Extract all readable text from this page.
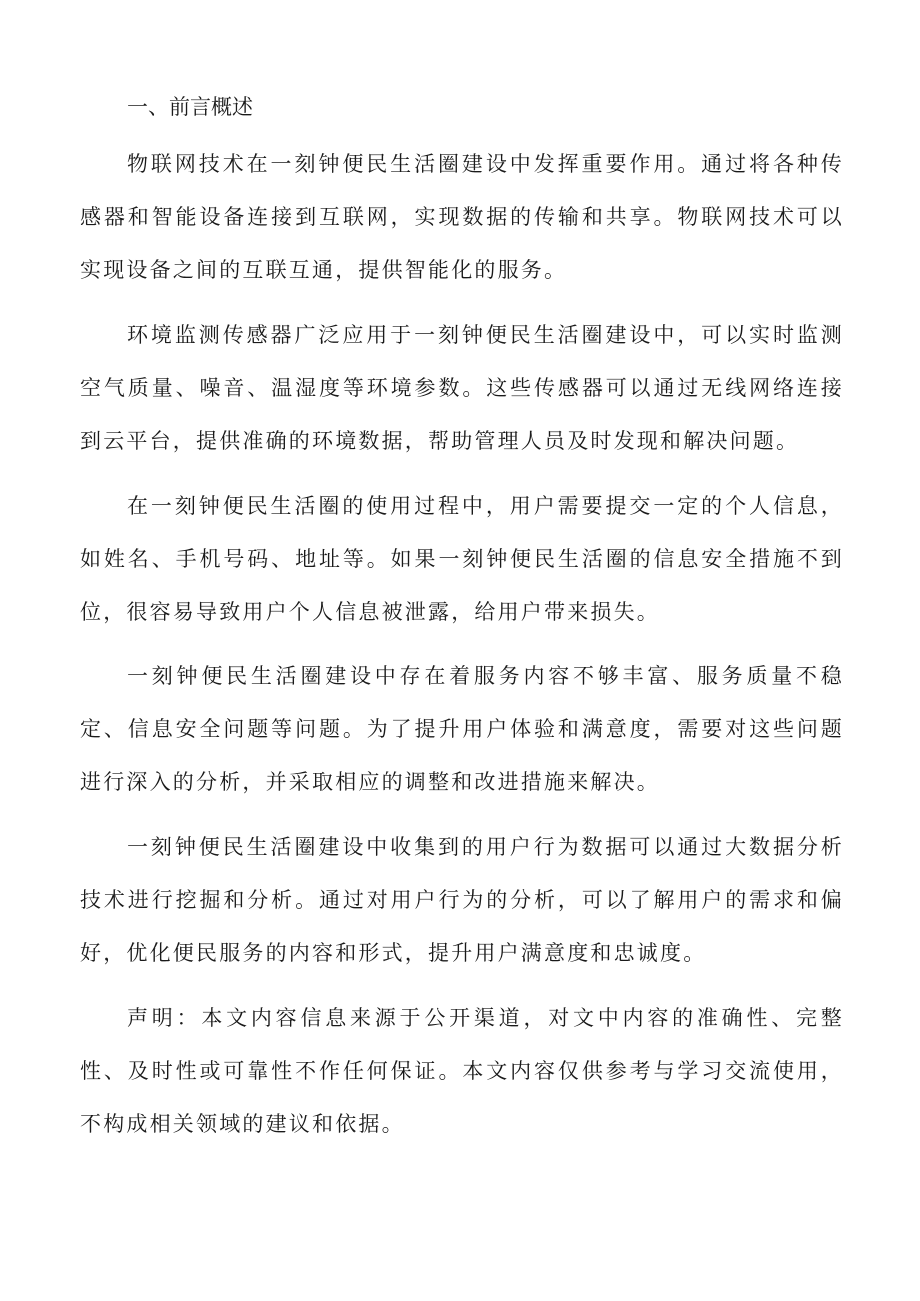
一、前言概述

物联网技术在一刻钟便民生活圈建设中发挥重要作用。通过将各种传感器和智能设备连接到互联网，实现数据的传输和共享。物联网技术可以实现设备之间的互联互通，提供智能化的服务。

环境监测传感器广泛应用于一刻钟便民生活圈建设中，可以实时监测空气质量、噪音、温湿度等环境参数。这些传感器可以通过无线网络连接到云平台，提供准确的环境数据，帮助管理人员及时发现和解决问题。

在一刻钟便民生活圈的使用过程中，用户需要提交一定的个人信息，如姓名、手机号码、地址等。如果一刻钟便民生活圈的信息安全措施不到位，很容易导致用户个人信息被泄露，给用户带来损失。

一刻钟便民生活圈建设中存在着服务内容不够丰富、服务质量不稳定、信息安全问题等问题。为了提升用户体验和满意度，需要对这些问题进行深入的分析，并采取相应的调整和改进措施来解决。

一刻钟便民生活圈建设中收集到的用户行为数据可以通过大数据分析技术进行挖掘和分析。通过对用户行为的分析，可以了解用户的需求和偏好，优化便民服务的内容和形式，提升用户满意度和忠诚度。

声明：本文内容信息来源于公开渠道，对文中内容的准确性、完整性、及时性或可靠性不作任何保证。本文内容仅供参考与学习交流使用，不构成相关领域的建议和依据。
